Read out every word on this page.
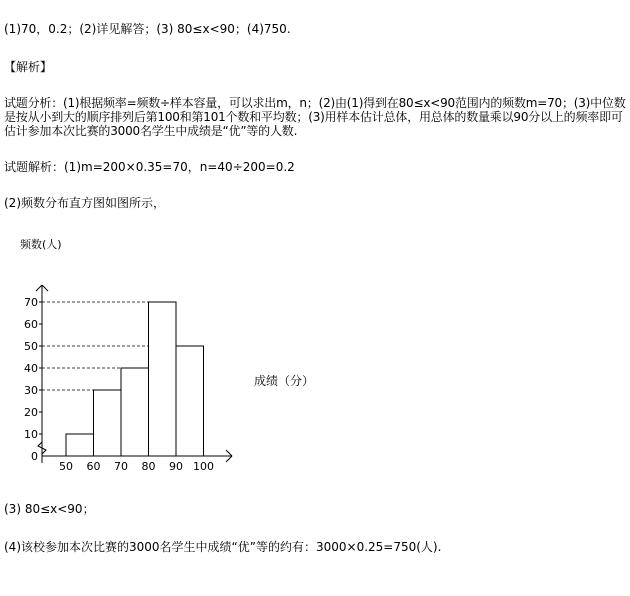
(1)70，0.2；(2)详见解答；(3) 80≤x<90；(4)750.
【解析】
试题分析：(1)根据频率=频数÷样本容量，可以求出m，n；(2)由(1)得到在80≤x<90范围内的频数m=70；(3)中位数是按从小到大的顺序排列后第100和第101个数和平均数；(3)用样本估计总体，用总体的数量乘以90分以上的频率即可估计参加本次比赛的3000名学生中成绩是“优”等的人数.
试题解析：(1)m=200×0.35=70，n=40÷200=0.2
(2)频数分布直方图如图所示，
0
10
20
30
40
50
60
70
50 60 70 80 90 100
频数(人)
成绩（分）
(3) 80≤x<90；
(4)该校参加本次比赛的3000名学生中成绩“优”等的约有：3000×0.25=750(人).
